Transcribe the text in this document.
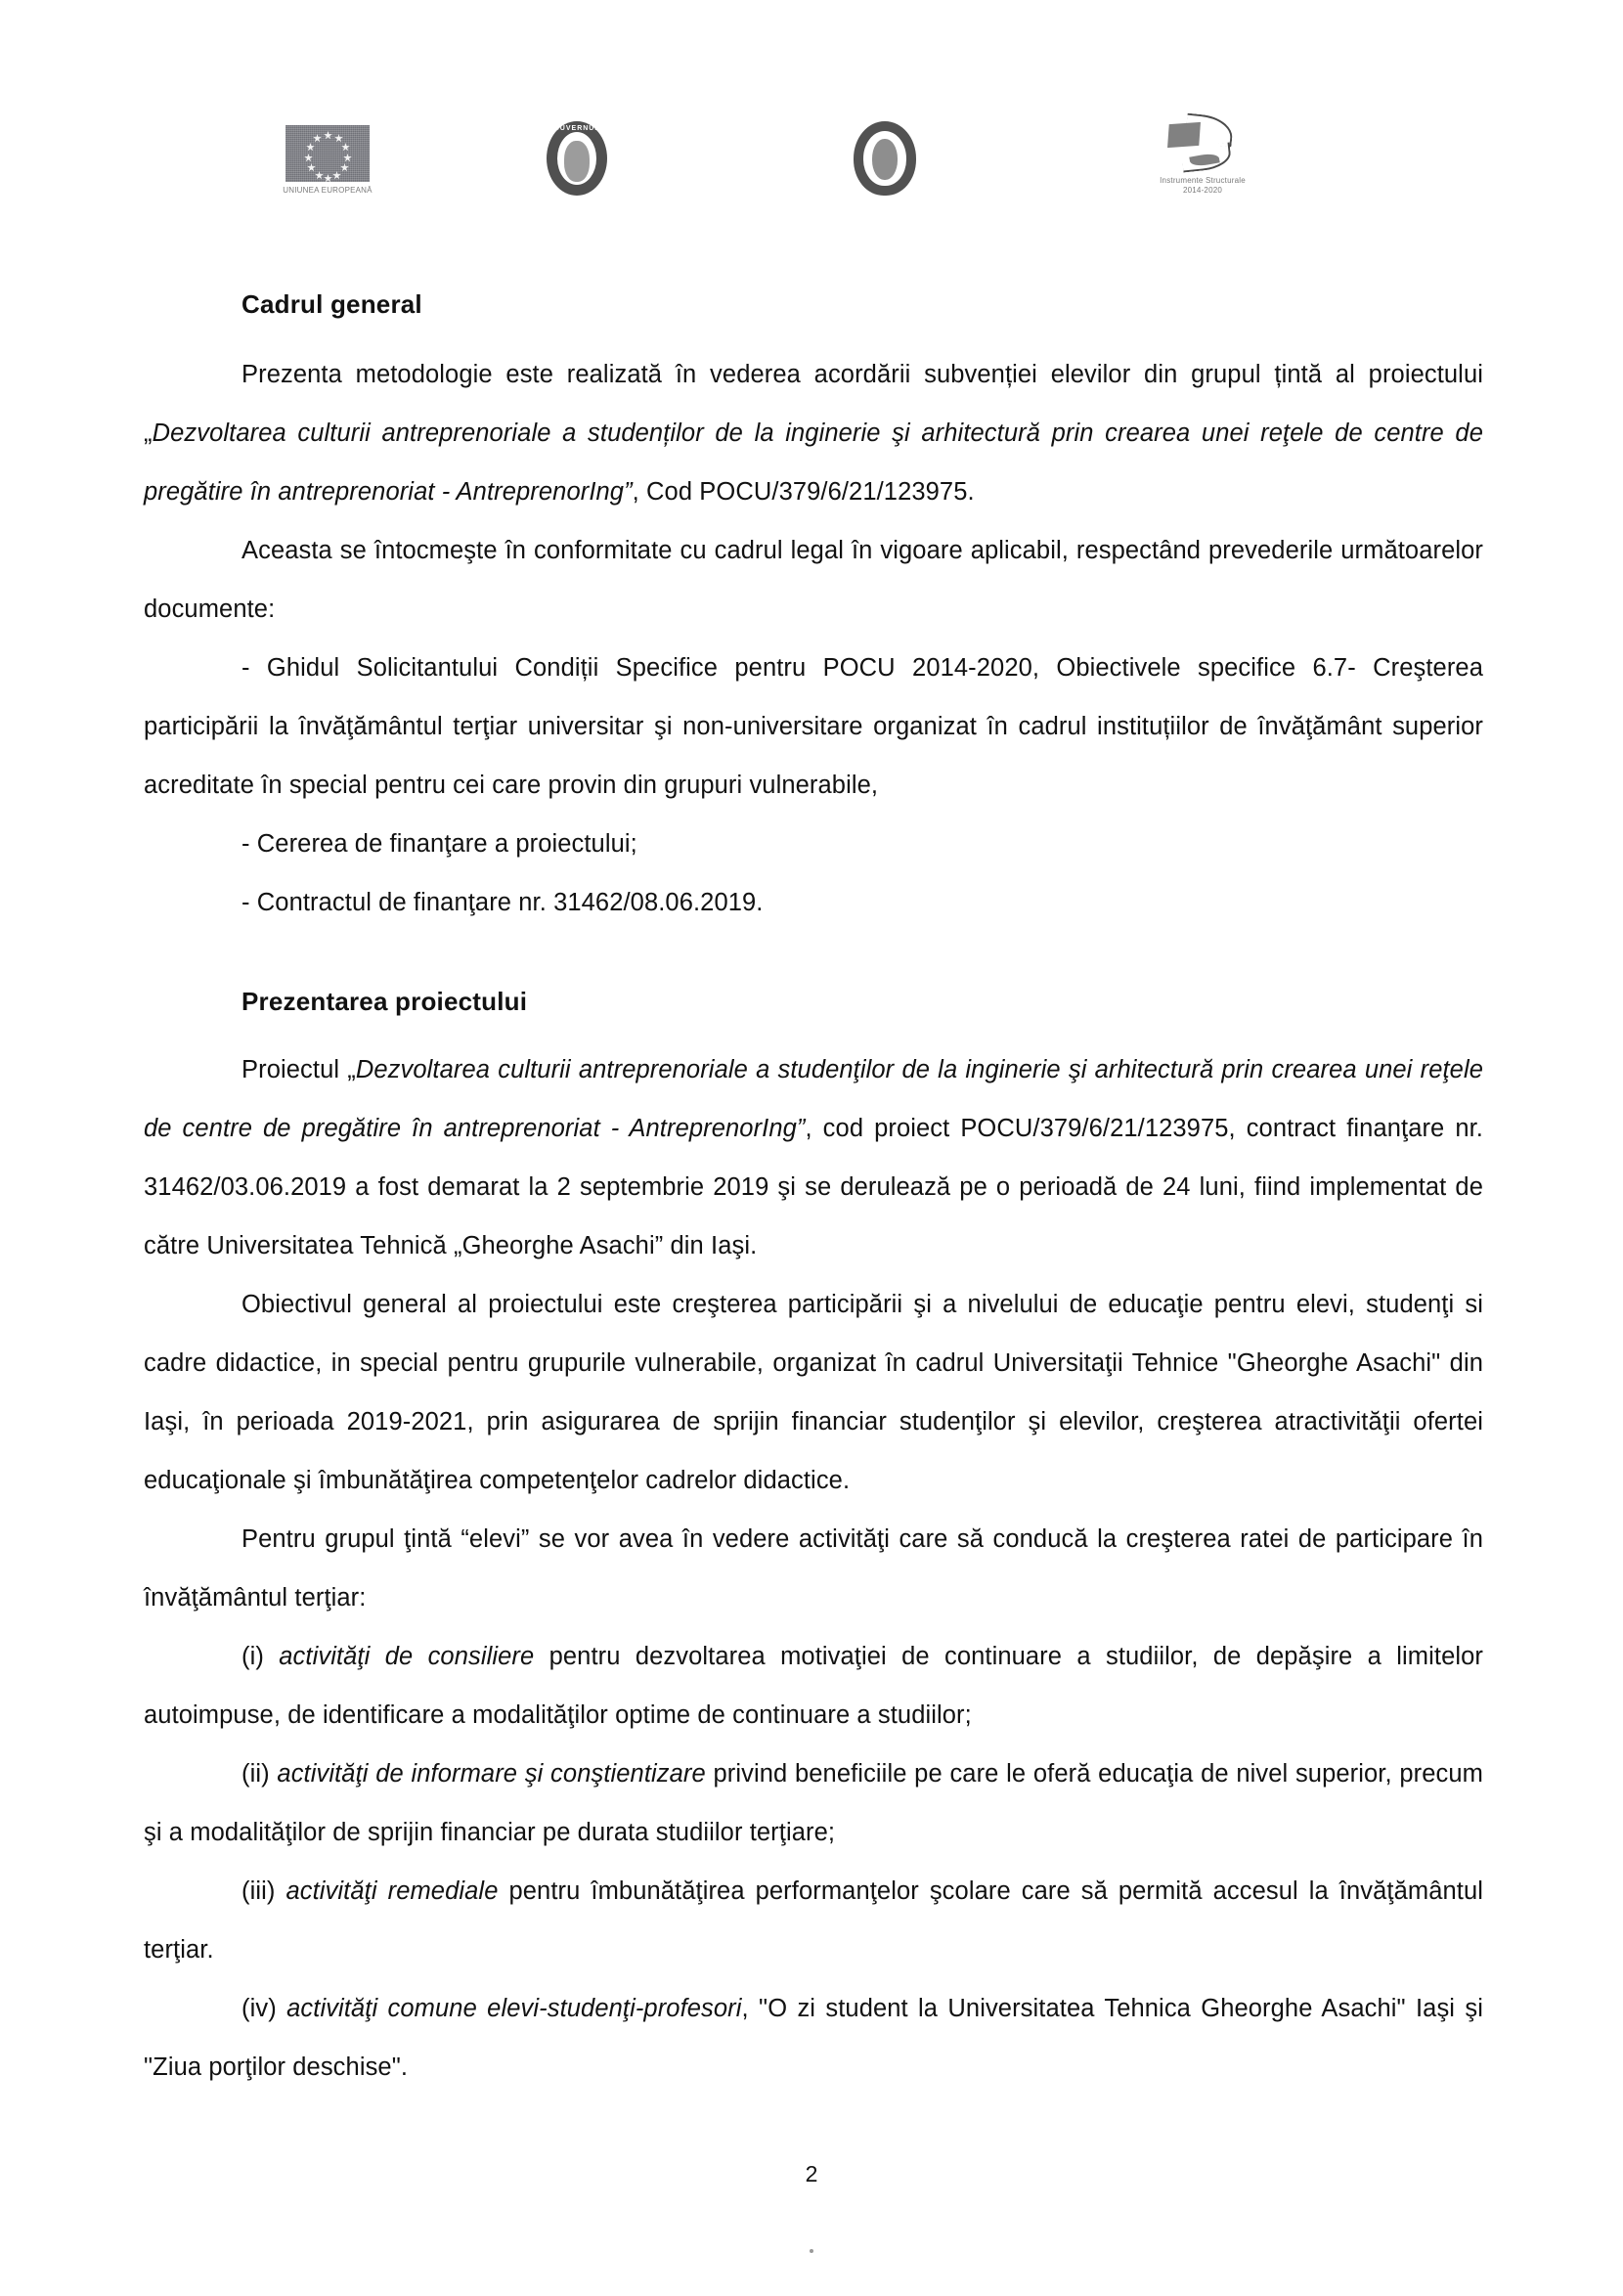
UNIUNEA EUROPEANĂ
GUVERNUL
Instrumente Structurale
2014-2020
Cadrul general

Prezenta metodologie este realizată în vederea acordării subvenției elevilor din grupul țintă al proiectului „Dezvoltarea culturii antreprenoriale a studenților de la inginerie şi arhitectură prin crearea unei reţele de centre de pregătire în antreprenoriat - AntreprenorIng”, Cod POCU/379/6/21/123975.

Aceasta se întocmeşte în conformitate cu cadrul legal în vigoare aplicabil, respectând prevederile următoarelor documente:

- Ghidul Solicitantului Condiții Specifice pentru POCU 2014-2020, Obiectivele specifice 6.7- Creşterea participării la învăţământul terţiar universitar şi non-universitare organizat în cadrul instituțiilor de învăţământ superior acreditate în special pentru cei care provin din grupuri vulnerabile,

- Cererea de finanţare a proiectului;

- Contractul de finanţare nr. 31462/08.06.2019.

Prezentarea proiectului

Proiectul „Dezvoltarea culturii antreprenoriale a studenţilor de la inginerie şi arhitectură prin crearea unei reţele de centre de pregătire în antreprenoriat - AntreprenorIng”, cod proiect POCU/379/6/21/123975, contract finanţare nr. 31462/03.06.2019 a fost demarat la 2 septembrie 2019 şi se derulează pe o perioadă de 24 luni, fiind implementat de către Universitatea Tehnică „Gheorghe Asachi” din Iaşi.

Obiectivul general al proiectului este creşterea participării şi a nivelului de educaţie pentru elevi, studenţi si cadre didactice, in special pentru grupurile vulnerabile, organizat în cadrul Universitaţii Tehnice "Gheorghe Asachi" din Iaşi, în perioada 2019-2021, prin asigurarea de sprijin financiar studenţilor şi elevilor, creşterea atractivităţii ofertei educaţionale şi îmbunătăţirea competenţelor cadrelor didactice.

Pentru grupul ţintă “elevi” se vor avea în vedere activităţi care să conducă la creşterea ratei de participare în învăţământul terţiar:

(i) activităţi de consiliere pentru dezvoltarea motivaţiei de continuare a studiilor, de depăşire a limitelor autoimpuse, de identificare a modalităţilor optime de continuare a studiilor;

(ii) activităţi de informare şi conştientizare privind beneficiile pe care le oferă educaţia de nivel superior, precum şi a modalităţilor de sprijin financiar pe durata studiilor terţiare;

(iii) activităţi remediale pentru îmbunătăţirea performanţelor şcolare care să permită accesul la învăţământul terţiar.

(iv) activităţi comune elevi-studenţi-profesori, "O zi student la Universitatea Tehnica Gheorghe Asachi" Iaşi şi "Ziua porţilor deschise".

2
